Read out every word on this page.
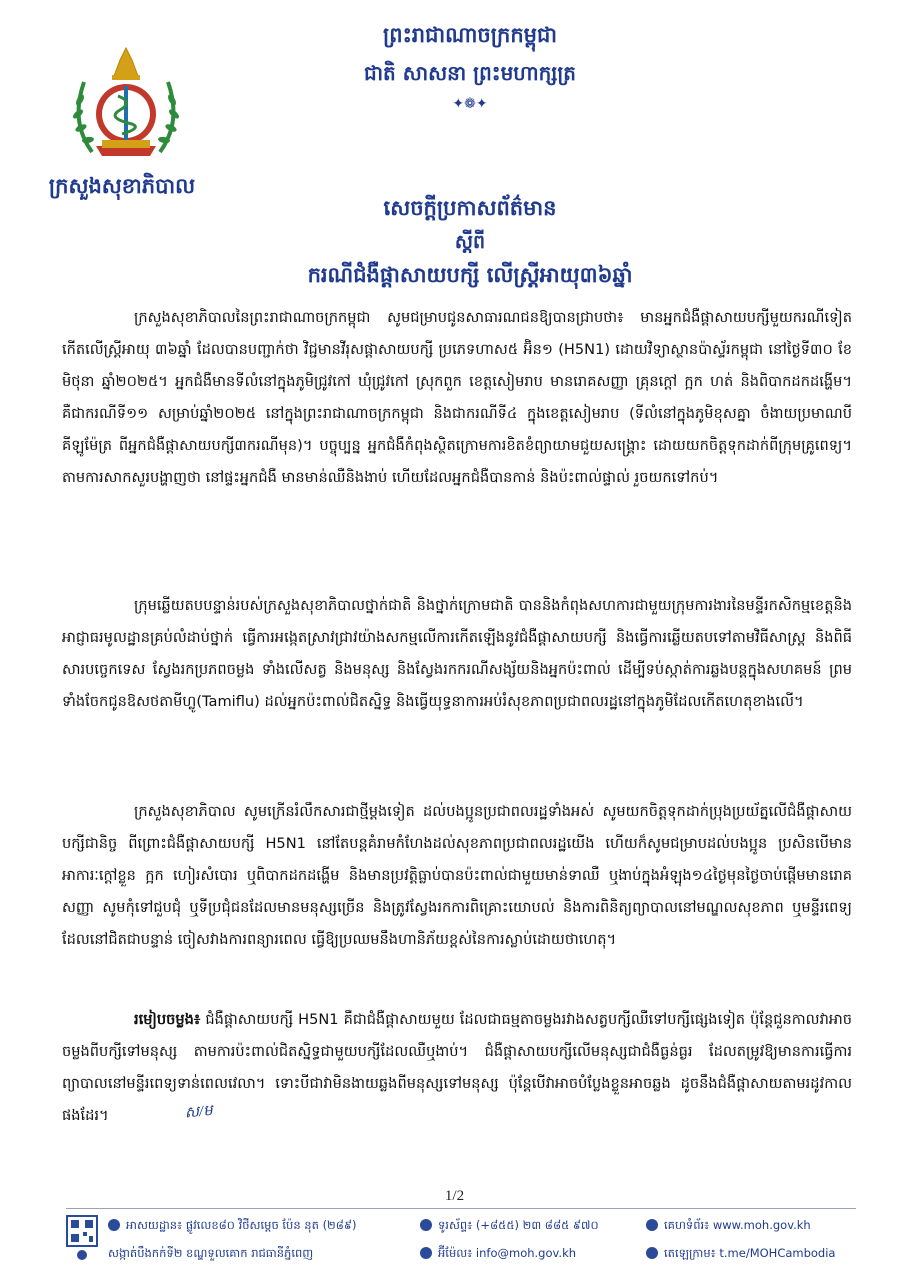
ក្រសួងសុខាភិបាល
ព្រះរាជាណាចក្រកម្ពុជា
ជាតិ សាសនា ព្រះមហាក្សត្រ
✦❁✦
សេចក្ដីប្រកាសព័ត៌មាន
ស្ដីពី
ករណីជំងឺផ្តាសាយបក្សី លើស្ត្រីអាយុ៣៦ឆ្នាំ

ក្រសួងសុខាភិបាលនៃព្រះរាជាណាចក្រកម្ពុជា សូមជម្រាបជូនសាធារណជនឱ្យបានជ្រាបថា៖ មានអ្នកជំងឺផ្តាសាយបក្សីមួយករណីទៀត កើតលើស្ត្រីអាយុ ៣៦ឆ្នាំ ដែលបានបញ្ជាក់ថា វិជ្ជមានវីរុសផ្តាសាយបក្សី ប្រភេទហាស៥ អ៊ិន១ (H5N1) ដោយវិទ្យាស្ថានប៉ាស្ទ័រកម្ពុជា នៅថ្ងៃទី៣០ ខែមិថុនា ឆ្នាំ២០២៥។ អ្នកជំងឺមានទីលំនៅក្នុងភូមិជ្រូវកៅ ឃុំជ្រូវកៅ ស្រុកពួក ខេត្តសៀមរាប មានរោគសញ្ញា គ្រុនក្ដៅ ក្អក ហត់ និងពិបាកដកដង្ហើម។ គឺជាករណីទី១១ សម្រាប់ឆ្នាំ២០២៥ នៅក្នុងព្រះរាជាណាចក្រកម្ពុជា និងជាករណីទី៤ ក្នុងខេត្តសៀមរាប (ទីលំនៅក្នុងភូមិខុសគ្នា ចំងាយប្រមាណបីគីឡូម៉ែត្រ ពីអ្នកជំងឺផ្តាសាយបក្សី៣ករណីមុន)។ បច្ចុប្បន្ន អ្នកជំងឺកំពុងស្ថិតក្រោមការខិតខំព្យាយាមជួយសង្គ្រោះ ដោយយកចិត្តទុកដាក់ពីក្រុមគ្រូពេទ្យ។ តាមការសាកសួរបង្ហាញថា នៅផ្ទះអ្នកជំងឺ មានមាន់ឈឺនិងងាប់ ហើយដែលអ្នកជំងឺបានកាន់ និងប៉ះពាល់ផ្ទាល់ រួចយកទៅកប់។

ក្រុមឆ្លើយតបបន្ទាន់របស់ក្រសួងសុខាភិបាលថ្នាក់ជាតិ និងថ្នាក់ក្រោមជាតិ បាននិងកំពុងសហការជាមួយក្រុមការងារនៃមន្ទីរកសិកម្មខេត្តនិងអាជ្ញាធរមូលដ្ឋានគ្រប់លំដាប់ថ្នាក់ ធ្វើការអង្កេតស្រាវជ្រាវយ៉ាងសកម្មលើការកើតឡើងនូវជំងឺផ្តាសាយបក្សី និងធ្វើការឆ្លើយតបទៅតាមវិធីសាស្ត្រ និងពិធីសារបច្ចេកទេស ស្វែងរកប្រភពចម្លង ទាំងលើសត្វ និងមនុស្ស និងស្វែងរកករណីសង្ស័យនិងអ្នកប៉ះពាល់ ដើម្បីទប់ស្កាត់ការឆ្លងបន្តក្នុងសហគមន៍ ព្រមទាំងចែកជូនឱសថតាមីហ្លូ(Tamiflu) ដល់អ្នកប៉ះពាល់ជិតស្និទ្ធ និងធ្វើយុទ្ធនាការអប់រំសុខភាពប្រជាពលរដ្ឋនៅក្នុងភូមិដែលកើតហេតុខាងលើ។

ក្រសួងសុខាភិបាល សូមក្រើនរំលឹកសារជាថ្មីម្តងទៀត ដល់បងប្អូនប្រជាពលរដ្ឋទាំងអស់ សូមយកចិត្តទុកដាក់ប្រុងប្រយ័ត្នលើជំងឺផ្តាសាយបក្សីជានិច្ច ពីព្រោះជំងឺផ្តាសាយបក្សី H5N1 នៅតែបន្តគំរាមកំហែងដល់សុខភាពប្រជាពលរដ្ឋយើង ហើយក៏សូមជម្រាបដល់បងប្អូន ប្រសិនបើមានអាការៈក្ដៅខ្លួន ក្អក ហៀរសំបោរ ឬពិបាកដកដង្ហើម និងមានប្រវត្តិធ្លាប់បានប៉ះពាល់ជាមួយមាន់ទាឈឺ ឬងាប់ក្នុងអំឡុង១៤ថ្ងៃមុនថ្ងៃចាប់ផ្តើមមានរោគសញ្ញា សូមកុំទៅជួបជុំ ឬទីប្រជុំជនដែលមានមនុស្សច្រើន និងត្រូវស្វែងរកការពិគ្រោះយោបល់ និងការពិនិត្យព្យាបាលនៅមណ្ឌលសុខភាព ឬមន្ទីរពេទ្យ ដែលនៅជិតជាបន្ទាន់ ចៀសវាងការពន្យារពេល ធ្វើឱ្យប្រឈមនឹងហានិភ័យខ្ពស់នៃការស្លាប់ដោយថាហេតុ។

រមៀបចម្លង៖ ជំងឺផ្តាសាយបក្សី H5N1 គឺជាជំងឺផ្តាសាយមួយ ដែលជាធម្មតាចម្លងរវាងសត្វបក្សីឈឺទៅបក្សីផ្សេងទៀត ប៉ុន្តែជួនកាលវាអាចចម្លងពីបក្សីទៅមនុស្ស តាមការប៉ះពាល់ជិតស្និទ្ធជាមួយបក្សីដែលឈឺឬងាប់។ ជំងឺផ្តាសាយបក្សីលើមនុស្សជាជំងឺធ្ងន់ធ្ងរ ដែលតម្រូវឱ្យមានការធ្វើការព្យាបាលនៅមន្ទីរពេទ្យទាន់ពេលវេលា។ ទោះបីជាវាមិនងាយឆ្លងពីមនុស្សទៅមនុស្ស ប៉ុន្តែបើវាអាចបំប្លែងខ្លួនអាចឆ្លង ដូចនឹងជំងឺផ្តាសាយតាមរដូវកាលផងដែរ។	ស/ម

1/2
អាសយដ្ឋាន៖ ផ្លូវលេខ៨០ វិថីសម្តេច ប៉ែន នុត (២៨៩)
សង្កាត់បឹងកក់ទី២ ខណ្ឌទួលគោក រាជធានីភ្នំពេញ
ទូរស័ព្ទ៖ (+៨៥៥) ២៣ ៨៨៥ ៩៧០
អ៊ីម៉ែល៖ info@moh.gov.kh
គេហទំព័រ៖ www.moh.gov.kh
តេឡេក្រាម៖ t.me/MOHCambodia
